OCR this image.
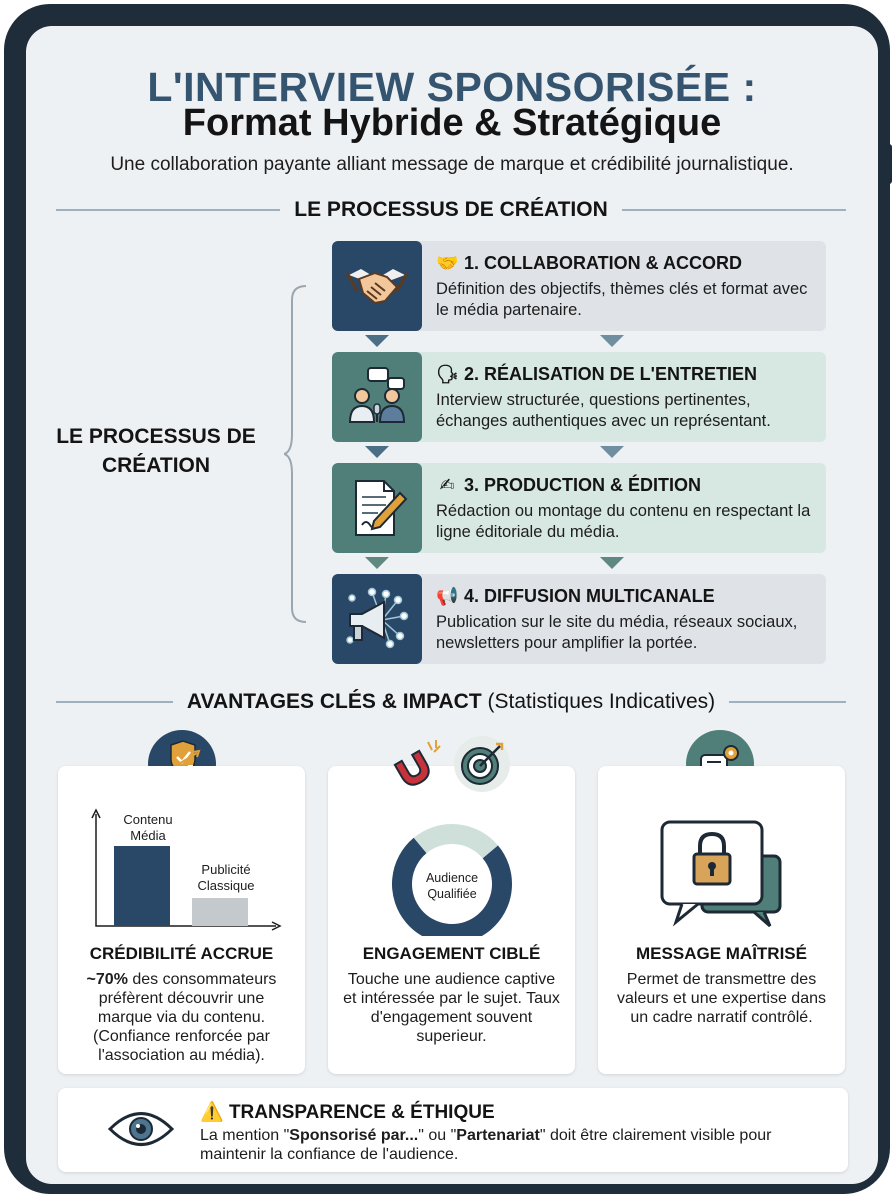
L'INTERVIEW SPONSORISÉE :
Format Hybride & Stratégique
Une collaboration payante alliant message de marque et crédibilité journalistique.
LE PROCESSUS DE CRÉATION
LE PROCESSUS DE CRÉATION
🤝 1. COLLABORATION & ACCORD
Définition des objectifs, thèmes clés et format avec le média partenaire.
🗣 2. RÉALISATION DE L'ENTRETIEN
Interview structurée, questions pertinentes, échanges authentiques avec un représentant.
✍ 3. PRODUCTION & ÉDITION
Rédaction ou montage du contenu en respectant la ligne éditoriale du média.
📢 4. DIFFUSION MULTICANALE
Publication sur le site du média, réseaux sociaux, newsletters pour amplifier la portée.
AVANTAGES CLÉS & IMPACT (Statistiques Indicatives)
Contenu Média
Publicité Classique
CRÉDIBILITÉ ACCRUE
~70% des consommateurs préfèrent découvrir une marque via du contenu. (Confiance renforcée par l'association au média).
Audience Qualifiée
ENGAGEMENT CIBLÉ
Touche une audience captive et intéressée par le sujet. Taux d'engagement souvent superieur.
MESSAGE MAÎTRISÉ
Permet de transmettre des valeurs et une expertise dans un cadre narratif contrôlé.
⚠️ TRANSPARENCE & ÉTHIQUE
La mention "Sponsorisé par..." ou "Partenariat" doit être clairement visible pour maintenir la confiance de l'audience.
